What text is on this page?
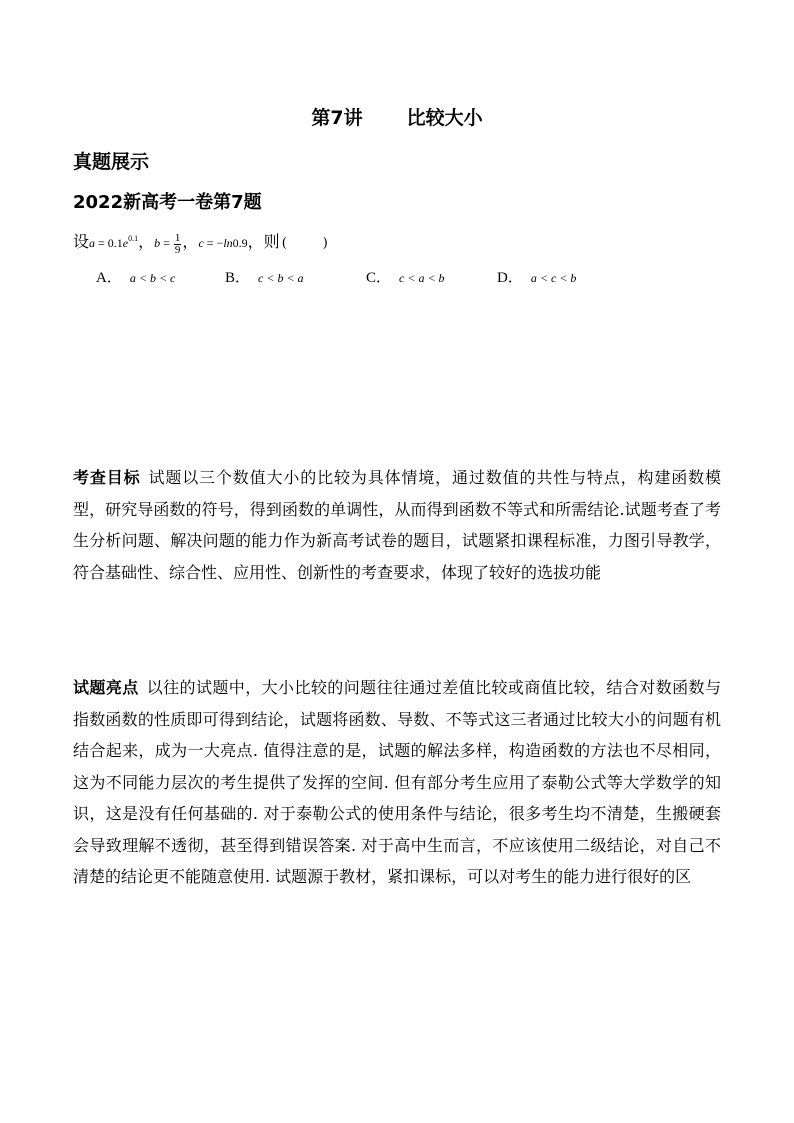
第7讲 比较大小
真题展示
2022新高考一卷第7题
设$a = 0.1e^{0.1}$，$b = \frac{1}{9}$ ，c = −ln0.9，则 (	)
A． a < b < c	B． c < b < a	C． c < a < b	D． a < c < b
考查目标 试题以三个数值大小的比较为具体情境，通过数值的共性与特点，构建函数模型，研究导函数的符号，得到函数的单调性，从而得到函数不等式和所需结论.试题考查了考生分析问题、解决问题的能力作为新高考试卷的题目，试题紧扣课程标准，力图引导教学，符合基础性、综合性、应用性、创新性的考查要求，体现了较好的选拔功能
试题亮点 以往的试题中，大小比较的问题往往通过差值比较或商值比较，结合对数函数与指数函数的性质即可得到结论，试题将函数、导数、不等式这三者通过比较大小的问题有机结合起来，成为一大亮点. 值得注意的是，试题的解法多样，构造函数的方法也不尽相同，这为不同能力层次的考生提供了发挥的空间. 但有部分考生应用了泰勒公式等大学数学的知识，这是没有任何基础的. 对于泰勒公式的使用条件与结论，很多考生均不清楚，生搬硬套会导致理解不透彻，甚至得到错误答案. 对于高中生而言，不应该使用二级结论，对自己不清楚的结论更不能随意使用. 试题源于教材，紧扣课标，可以对考生的能力进行很好的区
